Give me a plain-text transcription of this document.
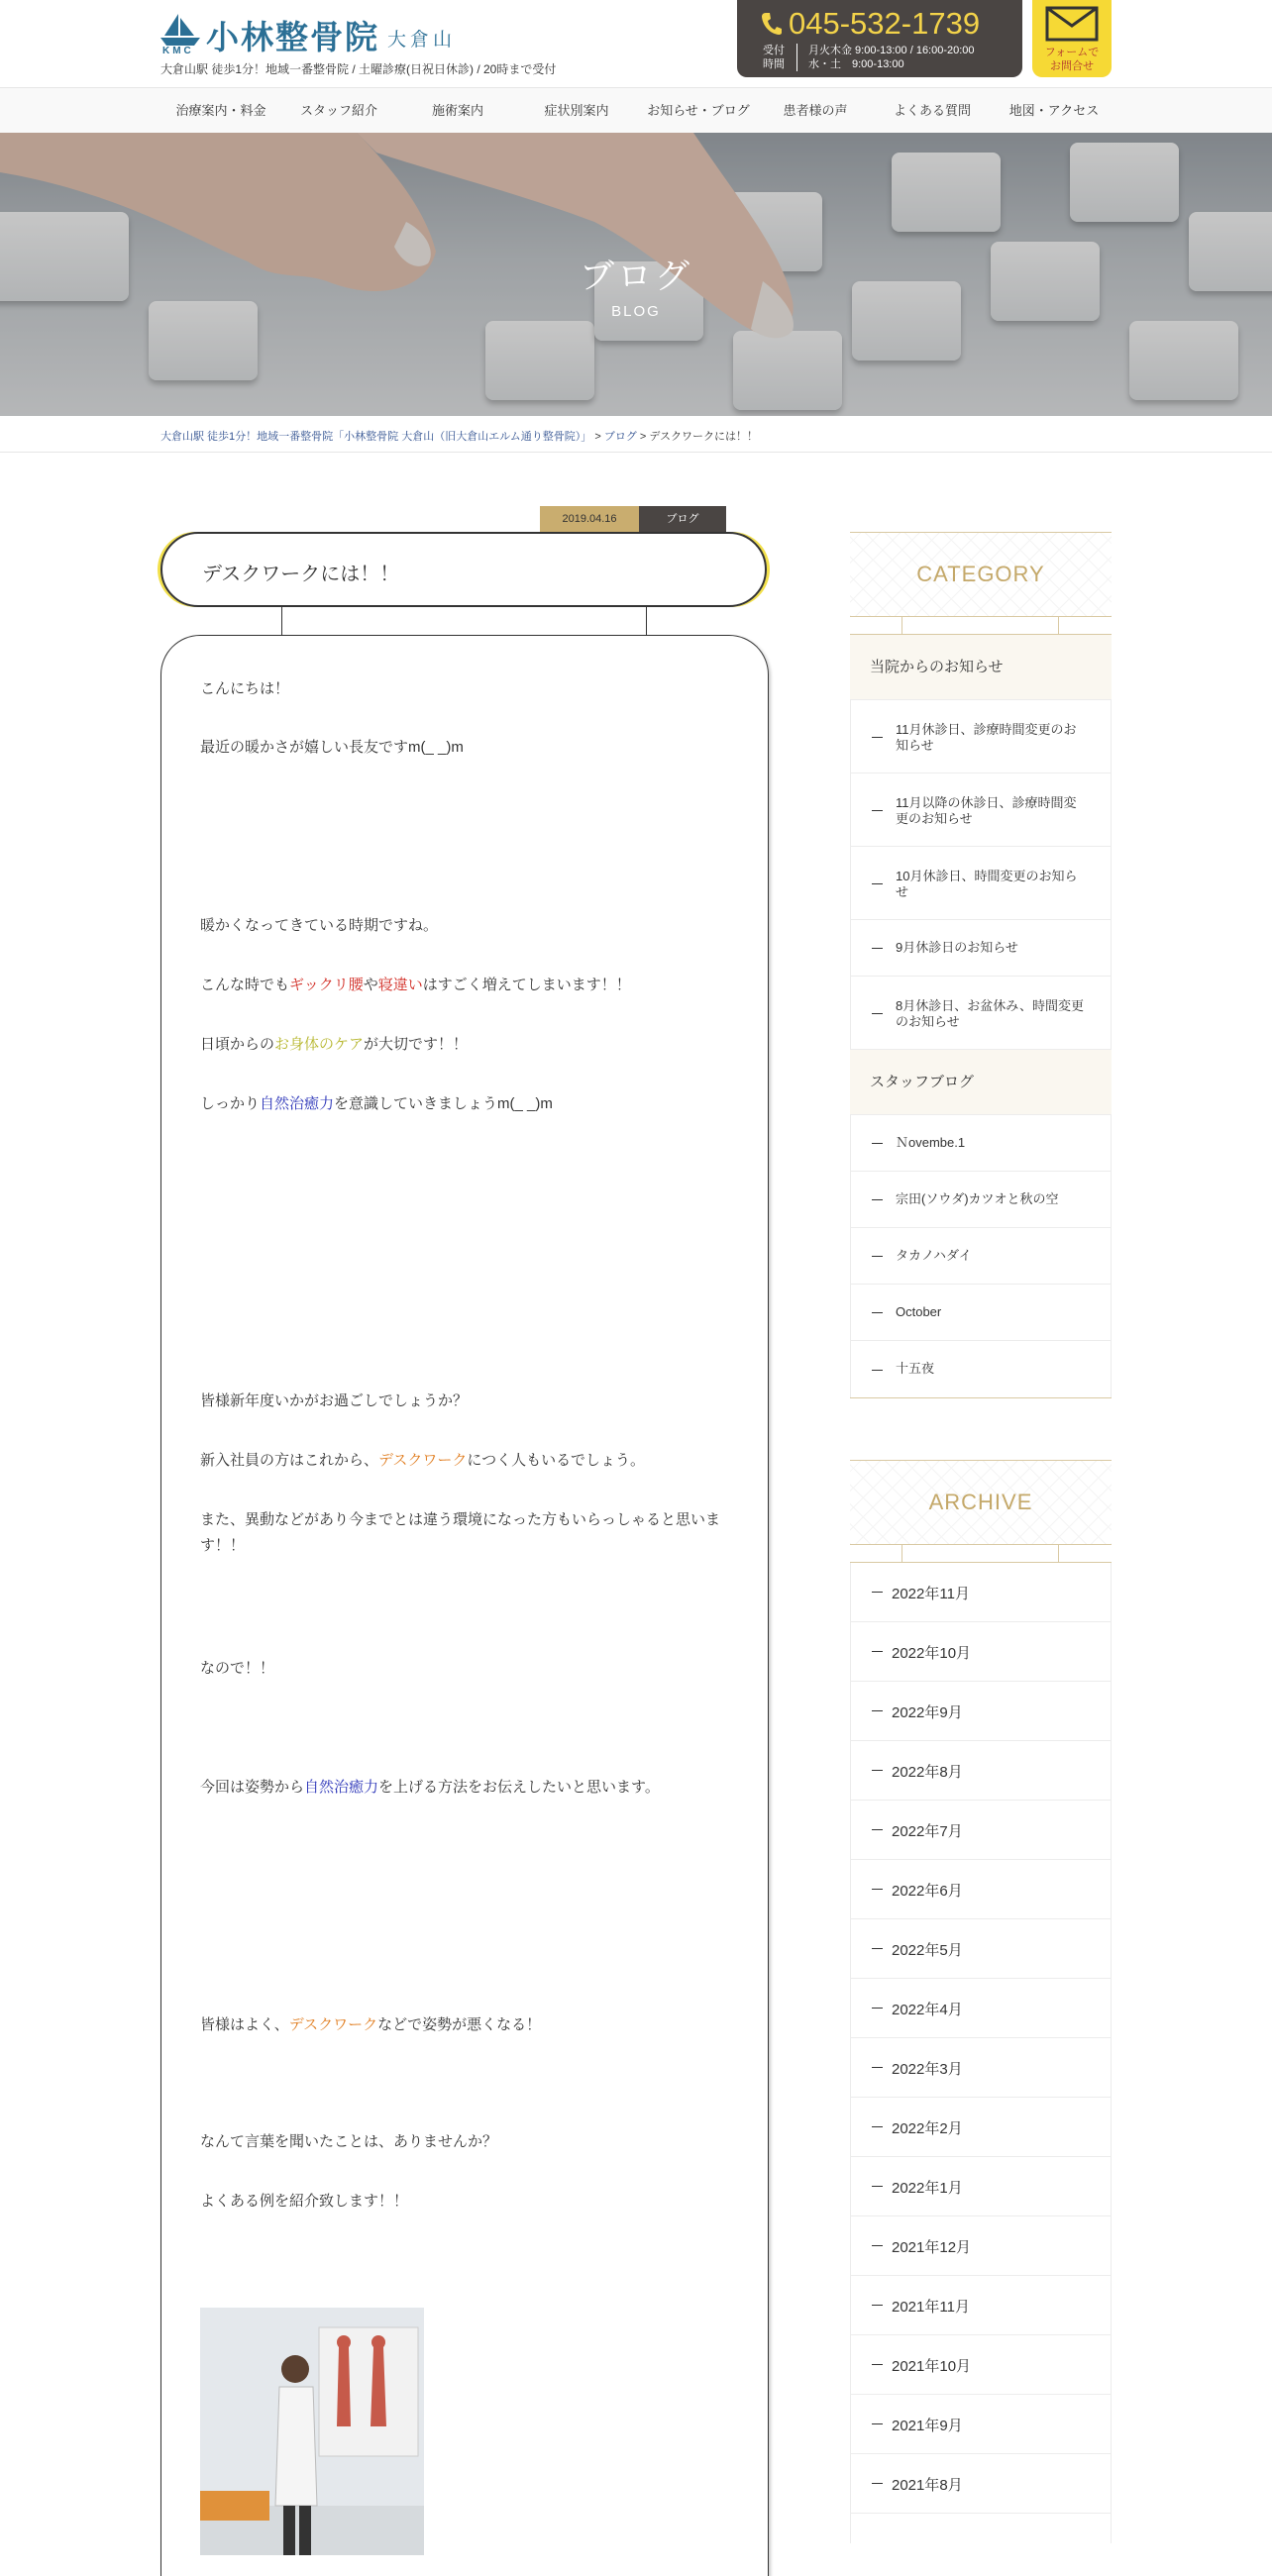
KMC 小林整骨院 大倉山
大倉山駅 徒歩1分！地域一番整骨院 / 土曜診療(日祝日休診) / 20時まで受付
045-532-1739
受付
時間
月火木金 9:00-13:00 / 16:00-20:00
水・土　9:00-13:00
フォームで
お問合せ
治療案内・料金	スタッフ紹介	施術案内	症状別案内	お知らせ・ブログ	患者様の声	よくある質問	地図・アクセス
ブログ
BLOG
大倉山駅 徒歩1分！地域一番整骨院「小林整骨院 大倉山（旧大倉山エルム通り整骨院）」 > ブログ > デスクワークには！！
2019.04.16	ブログ
デスクワークには！！
こんにちは！
最近の暖かさが嬉しい長友ですm(_ _)m
暖かくなってきている時期ですね。
こんな時でもギックリ腰や寝違いはすごく増えてしまいます！！
日頃からのお身体のケアが大切です！！
しっかり自然治癒力を意識していきましょうm(_ _)m
皆様新年度いかがお過ごしでしょうか？
新入社員の方はこれから、デスクワークにつく人もいるでしょう。
また、異動などがあり今までとは違う環境になった方もいらっしゃると思います！！
なので！！
今回は姿勢から自然治癒力を上げる方法をお伝えしたいと思います。
皆様はよく、デスクワークなどで姿勢が悪くなる！
なんて言葉を聞いたことは、ありませんか？
よくある例を紹介致します！！
CATEGORY
当院からのお知らせ
11月休診日、診療時間変更のお知らせ
11月以降の休診日、診療時間変更のお知らせ
10月休診日、時間変更のお知らせ
9月休診日のお知らせ
8月休診日、お盆休み、時間変更のお知らせ
スタッフブログ
Ｎovembe.1
宗田(ソウダ)カツオと秋の空
タカノハダイ
October
十五夜
ARCHIVE
2022年11月
2022年10月
2022年9月
2022年8月
2022年7月
2022年6月
2022年5月
2022年4月
2022年3月
2022年2月
2022年1月
2021年12月
2021年11月
2021年10月
2021年9月
2021年8月
